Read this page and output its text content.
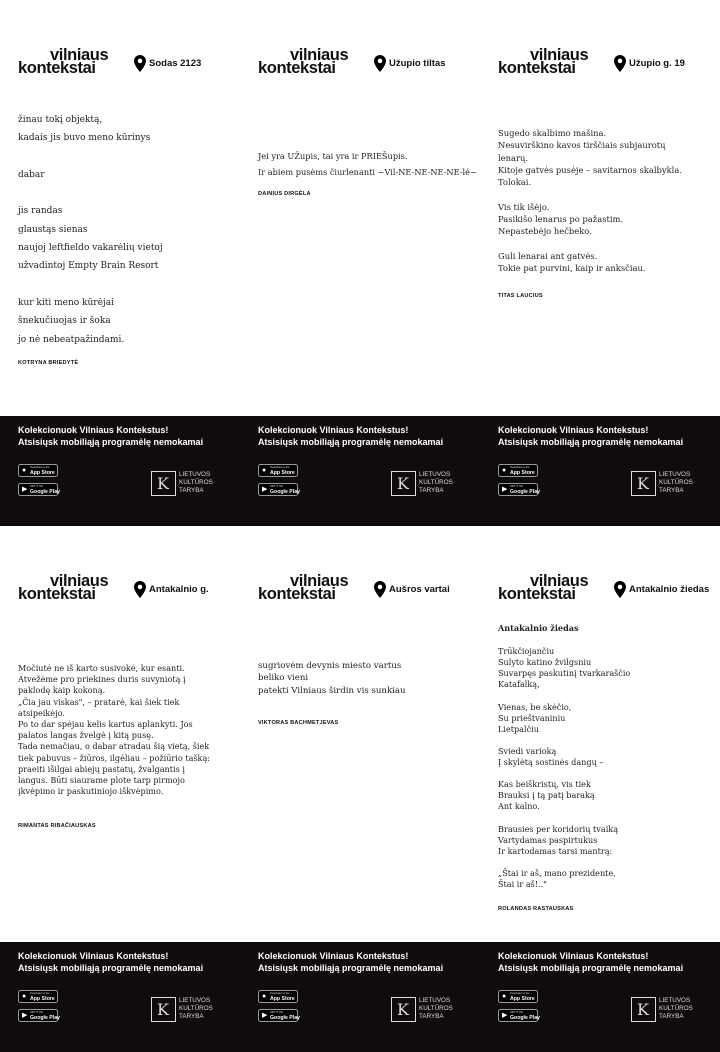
vilniaus
kontekstai	Sodas 2123

žinau tokį objektą,

kadais jis buvo meno kūrinys

dabar

jis randas

glaustąs sienas

naujoj leftfieldo vakarėlių vietoj

užvadintoj Empty Brain Resort

kur kiti meno kūrėjai

šnekučiuojas ir šoka

jo nė nebeatpažindami.

KOTRYNA BRIEDYTĖ
Kolekcionuok Vilniaus Kontekstus!
Atsisiųsk mobiliąją programėlę nemokamai
● Download on the
App Store
▶ GET IT ON
Google Play	K LIETUVOS
KULTŪROS
TARYBA
vilniaus
kontekstai	Užupio tiltas

Jei yra UŽupis, tai yra ir PRIEŠupis.

Ir abiem pusėms čiurlenanti ~Vil-NE-NE-NE-NE-lė~

DAINIUS DIRGĖLA
Kolekcionuok Vilniaus Kontekstus!
Atsisiųsk mobiliąją programėlę nemokamai
● Download on the
App Store
▶ GET IT ON
Google Play	K LIETUVOS
KULTŪROS
TARYBA
vilniaus
kontekstai	Užupio g. 19

Sugedo skalbimo mašina.

Nesuvirškino kavos tirščiais subjaurotų

lenarų.

Kitoje gatvės pusėje – savitarnos skalbykla.

Tolokai.

Vis tik išėjo.

Pasikišo lenarus po pažastim.

Nepastebėjo hečbeko.

Guli lenarai ant gatvės.

Tokie pat purvini, kaip ir anksčiau.

TITAS LAUCIUS
Kolekcionuok Vilniaus Kontekstus!
Atsisiųsk mobiliąją programėlę nemokamai
● Download on the
App Store
▶ GET IT ON
Google Play	K LIETUVOS
KULTŪROS
TARYBA
vilniaus
kontekstai	Antakalnio g.

Močiutė ne iš karto susivokė, kur esanti.

Atvežėme pro priekines duris suvyniotą į

paklodę kaip kokoną.

„Čia jau viskas", – pratarė, kai šiek tiek

atsipeikėjo.

Po to dar spėjau kelis kartus aplankyti. Jos

palatos langas žvelgė į kitą pusę.

Tada nemačiau, o dabar atradau šią vietą, šiek

tiek pabuvus – žiūros, ilgėliau – požiūrio tašką:

praeiti išilgai abiejų pastatų, žvalgantis į

langus. Būti siaurame plote tarp pirmojo

įkvėpimo ir paskutiniojo iškvėpimo.

RIMANTAS RIBAČIAUSKAS
Kolekcionuok Vilniaus Kontekstus!
Atsisiųsk mobiliąją programėlę nemokamai
● Download on the
App Store
▶ GET IT ON
Google Play	K LIETUVOS
KULTŪROS
TARYBA
vilniaus
kontekstai	Aušros vartai

sugriovėm devynis miesto vartus

beliko vieni

patekti Vilniaus širdin vis sunkiau

VIKTORAS BACHMETJEVAS
Kolekcionuok Vilniaus Kontekstus!
Atsisiųsk mobiliąją programėlę nemokamai
● Download on the
App Store
▶ GET IT ON
Google Play	K LIETUVOS
KULTŪROS
TARYBA
vilniaus
kontekstai	Antakalnio žiedas

Antakalnio žiedas

Trūkčiojančiu

Sulyto katino žvilgsniu

Suvarpęs paskutinį tvarkaraščio

Katafalką,

Vienas, be skėčio,

Su prieštvaniniu

Lietpalčiu

Sviedi varioką

Į skylėtą sostinės dangų –

Kas beiškristų, vis tiek

Brauksi į tą patį baraką

Ant kalno.

Brausies per koridorių tvaiką

Vartydamas paspirtukus

Ir kartodamas tarsi mantrą:

„Štai ir aš, mano prezidente,

Štai ir aš!.."

ROLANDAS RASTAUSKAS
Kolekcionuok Vilniaus Kontekstus!
Atsisiųsk mobiliąją programėlę nemokamai
● Download on the
App Store
▶ GET IT ON
Google Play	K LIETUVOS
KULTŪROS
TARYBA
